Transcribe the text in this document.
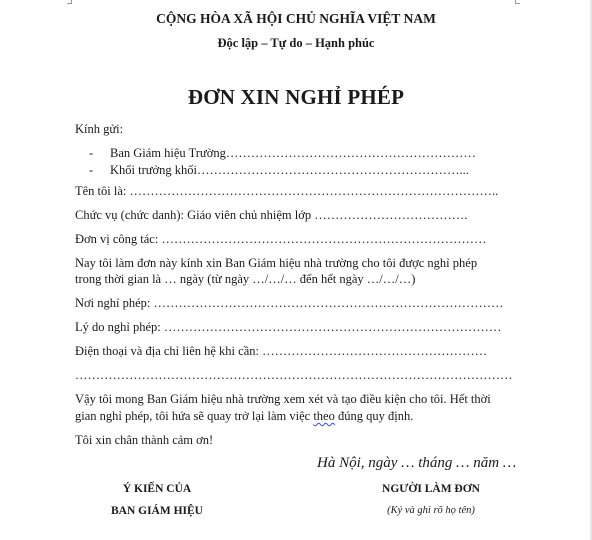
CỘNG HÒA XÃ HỘI CHỦ NGHĨA VIỆT NAM
Độc lập – Tự do – Hạnh phúc
ĐƠN XIN NGHỈ PHÉP
Kính gửi:
- Ban Giám hiệu Trường……………………………………………………
- Khối trưởng khối………………………………………………………...
Tên tôi là: ……………………………………………………………………………..
Chức vụ (chức danh): Giáo viên chủ nhiệm lớp ……………………………….
Đơn vị công tác: ……………………………………………………………………
Nay tôi làm đơn này kính xin Ban Giám hiệu nhà trường cho tôi được nghỉ phép
trong thời gian là … ngày (từ ngày …/…/… đến hết ngày …/…/…)
Nơi nghỉ phép: …………………………………………………………………………
Lý do nghỉ phép: ………………………………………………………………………
Điện thoại và địa chỉ liên hệ khi cần: ………………………………………………
……………………………………………………………………………………………
Vậy tôi mong Ban Giám hiệu nhà trường xem xét và tạo điều kiện cho tôi. Hết thời
gian nghỉ phép, tôi hứa sẽ quay trở lại làm việc theo đúng quy định.
Tôi xin chân thành cảm ơn!
Hà Nội, ngày … tháng … năm …
Ý KIẾN CỦA
BAN GIÁM HIỆU
NGƯỜI LÀM ĐƠN
(Ký và ghi rõ họ tên)
